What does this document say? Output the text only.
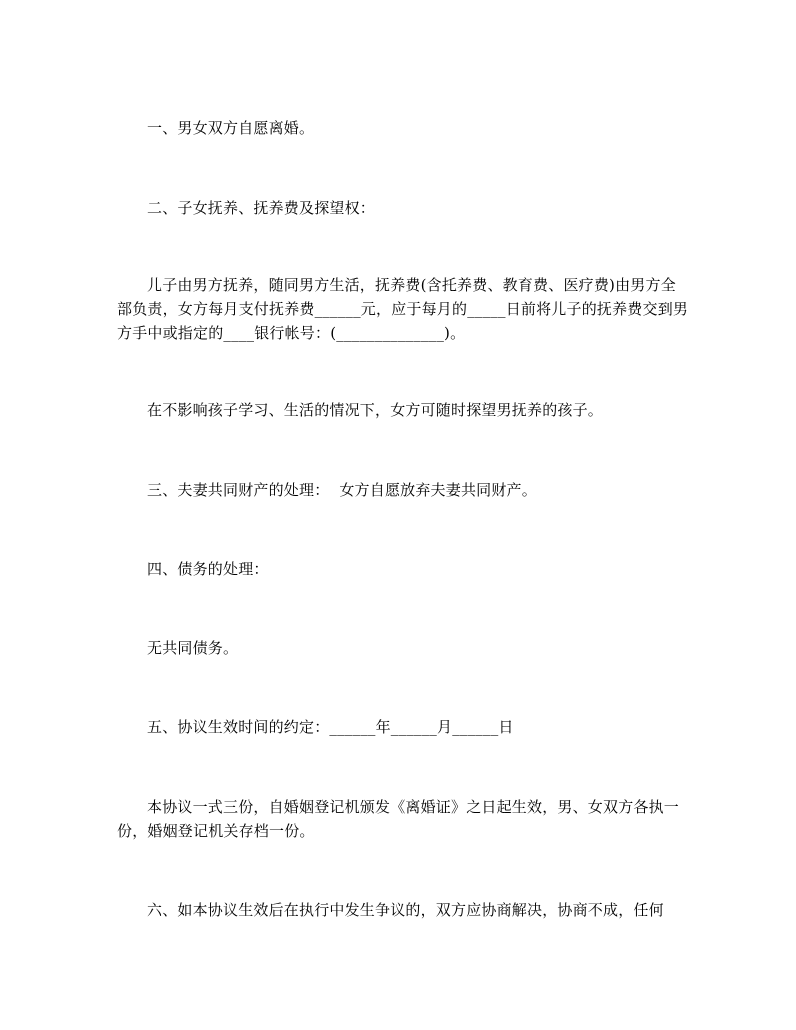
一、男女双方自愿离婚。

二、子女抚养、抚养费及探望权：

儿子由男方抚养，随同男方生活，抚养费(含托养费、教育费、医疗费)由男方全部负责，女方每月支付抚养费______元，应于每月的_____日前将儿子的抚养费交到男方手中或指定的____银行帐号：(______________)。

在不影响孩子学习、生活的情况下，女方可随时探望男抚养的孩子。

三、夫妻共同财产的处理：  女方自愿放弃夫妻共同财产。

四、债务的处理：

无共同债务。

五、协议生效时间的约定：______年______月______日

本协议一式三份，自婚姻登记机颁发《离婚证》之日起生效，男、女双方各执一份，婚姻登记机关存档一份。

六、如本协议生效后在执行中发生争议的，双方应协商解决，协商不成，任何
